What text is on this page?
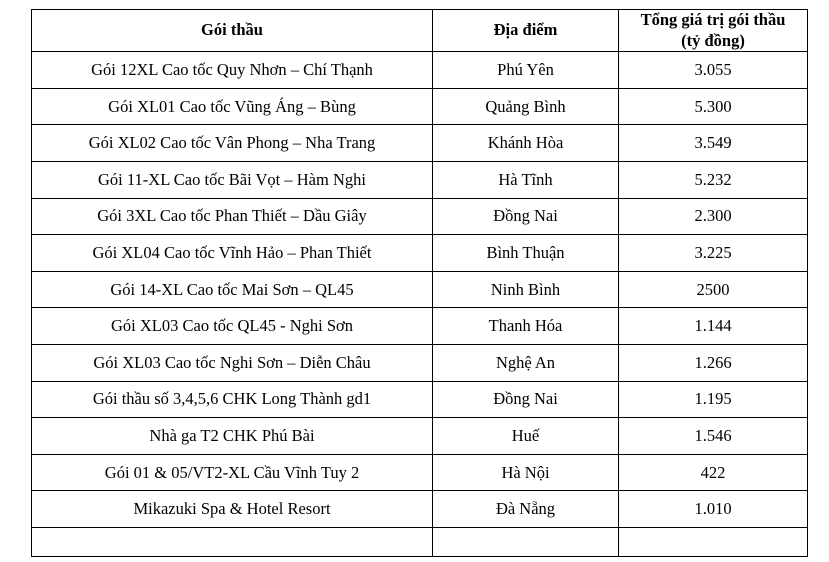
Gói thầu	Địa điểm	Tổng giá trị gói thầu
(tỷ đồng)

Gói 12XL Cao tốc Quy Nhơn – Chí Thạnh	Phú Yên	3.055
Gói XL01 Cao tốc Vũng Áng – Bùng	Quảng Bình	5.300
Gói XL02 Cao tốc Vân Phong – Nha Trang	Khánh Hòa	3.549
Gói 11-XL Cao tốc Bãi Vọt – Hàm Nghi	Hà Tĩnh	5.232
Gói 3XL Cao tốc Phan Thiết – Dầu Giây	Đồng Nai	2.300
Gói XL04 Cao tốc Vĩnh Hảo – Phan Thiết	Bình Thuận	3.225
Gói 14-XL Cao tốc Mai Sơn – QL45	Ninh Bình	2500
Gói XL03 Cao tốc QL45 - Nghi Sơn	Thanh Hóa	1.144
Gói XL03 Cao tốc Nghi Sơn – Diễn Châu	Nghệ An	1.266
Gói thầu số 3,4,5,6 CHK Long Thành gd1	Đồng Nai	1.195
Nhà ga T2 CHK Phú Bài	Huế	1.546
Gói 01 & 05/VT2-XL Cầu Vĩnh Tuy 2	Hà Nội	422
Mikazuki Spa & Hotel Resort	Đà Nẵng	1.010
